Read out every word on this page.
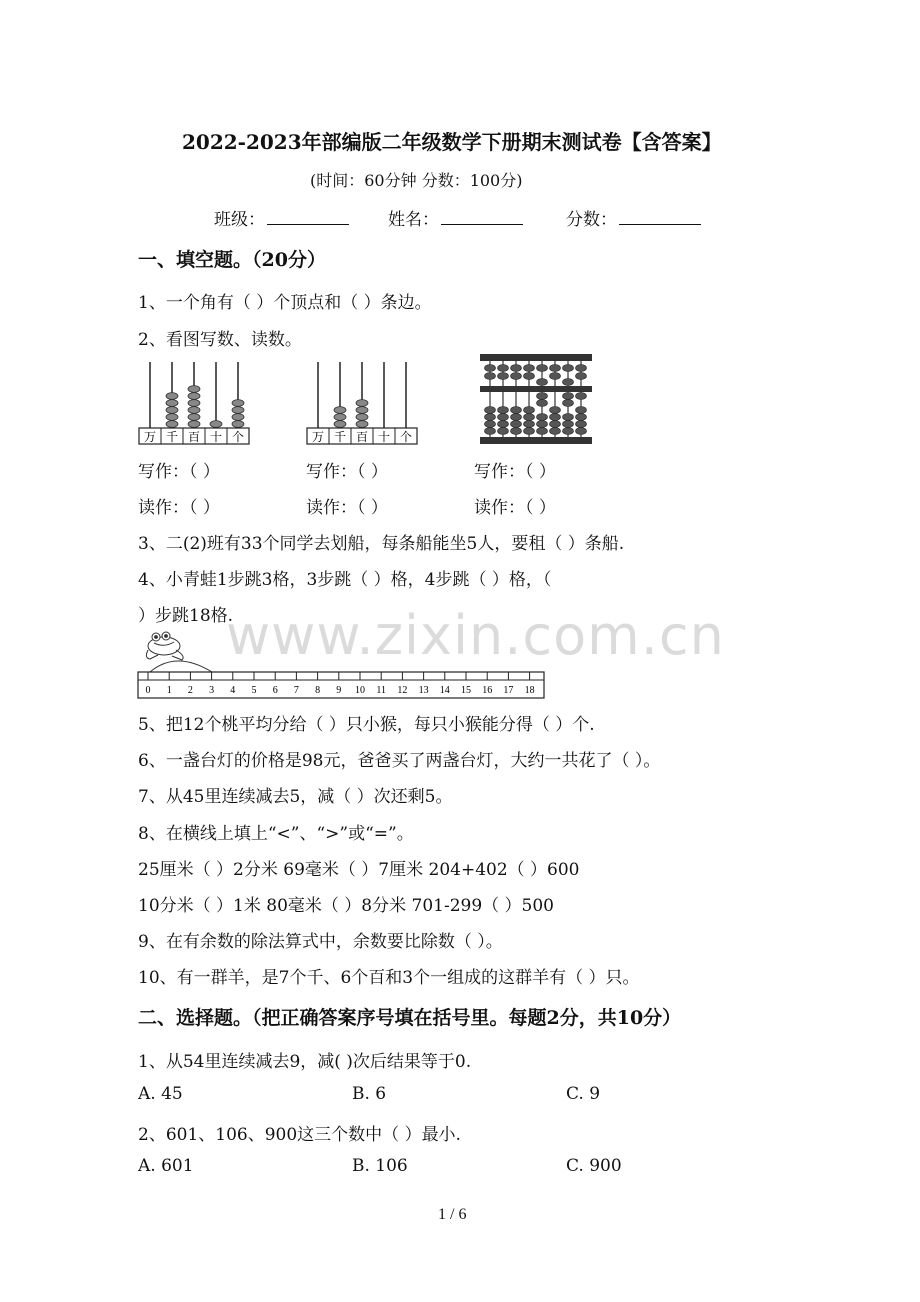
2022-2023年部编版二年级数学下册期末测试卷【含答案】
(时间：60分钟 分数：100分)
班级：	姓名：	分数：
一、填空题。（20分）
1、一个角有（ ）个顶点和（ ）条边。
2、看图写数、读数。
万 千 百 十 个	万 千 百 十 个
写作：（ ）	写作：（ ）	写作：（ ）
读作：（ ）	读作：（ ）	读作：（ ）
3、二(2)班有33个同学去划船，每条船能坐5人，要租（ ）条船.
4、小青蛙1步跳3格，3步跳（ ）格，4步跳（ ）格，（
）步跳18格.
www.zixin.com.cn
0 1 2 3 4 5 6 7 8 9 10 11 12 13 14 15 16 17 18
5、把12个桃平均分给（ ）只小猴，每只小猴能分得（ ）个.
6、一盏台灯的价格是98元，爸爸买了两盏台灯，大约一共花了（ ）。
7、从45里连续减去5，减（ ）次还剩5。
8、在横线上填上“<”、“>”或“=”。
25厘米（ ）2分米 69毫米（ ）7厘米 204+402（ ）600
10分米（ ）1米 80毫米（ ）8分米 701-299（ ）500
9、在有余数的除法算式中，余数要比除数（ ）。
10、有一群羊，是7个千、6个百和3个一组成的这群羊有（ ）只。
二、选择题。（把正确答案序号填在括号里。每题2分，共10分）
1、从54里连续减去9，减( )次后结果等于0.
A. 45	B. 6	C. 9
2、601、106、900这三个数中（ ）最小.
A. 601	B. 106	C. 900
1 / 6
